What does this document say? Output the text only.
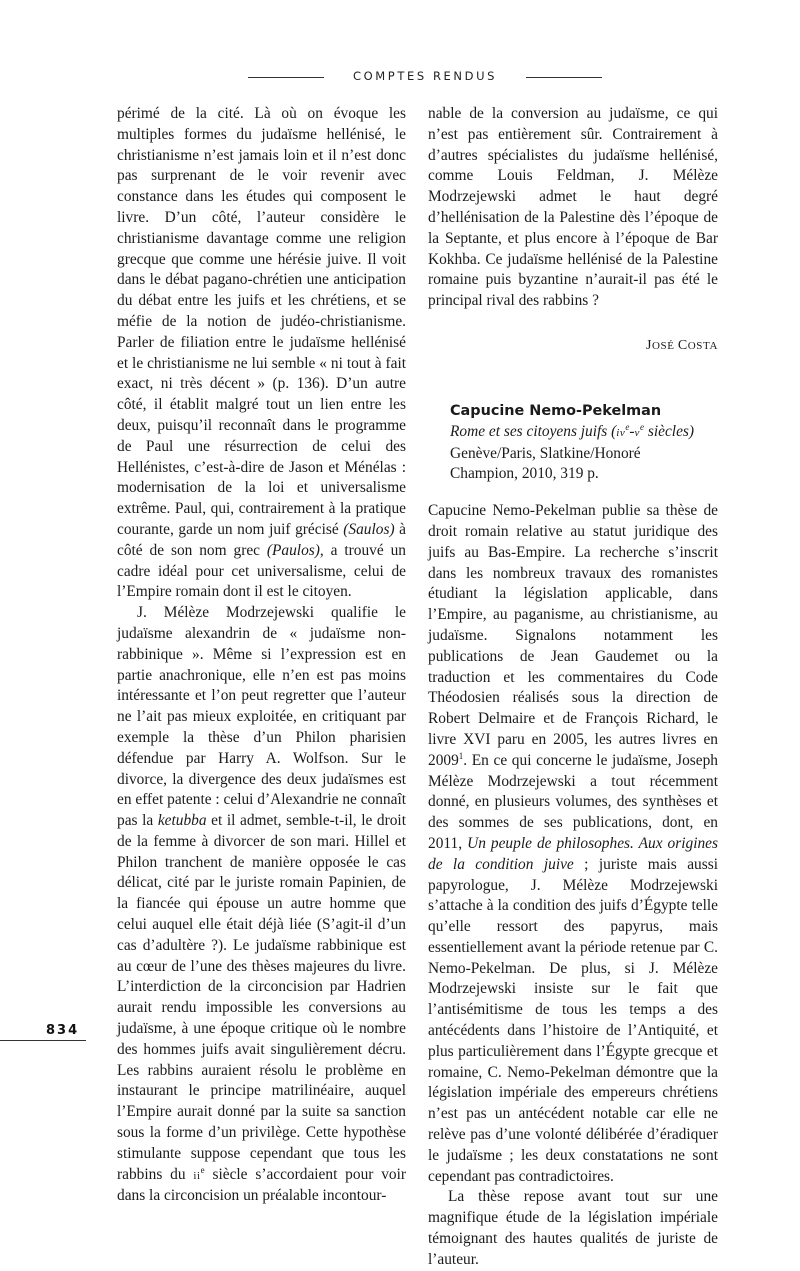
COMPTES RENDUS

périmé de la cité. Là où on évoque les multiples formes du judaïsme hellénisé, le christianisme n’est jamais loin et il n’est donc pas surprenant de le voir revenir avec constance dans les études qui composent le livre. D’un côté, l’auteur considère le christianisme davantage comme une religion grecque que comme une hérésie juive. Il voit dans le débat pagano-chrétien une anticipation du débat entre les juifs et les chrétiens, et se méfie de la notion de judéo-christianisme. Parler de filiation entre le judaïsme hellénisé et le christianisme ne lui semble « ni tout à fait exact, ni très décent » (p. 136). D’un autre côté, il établit malgré tout un lien entre les deux, puisqu’il reconnaît dans le programme de Paul une résurrection de celui des Hellénistes, c’est-à-dire de Jason et Ménélas : modernisation de la loi et universalisme extrême. Paul, qui, contrairement à la pratique courante, garde un nom juif grécisé (Saulos) à côté de son nom grec (Paulos), a trouvé un cadre idéal pour cet universalisme, celui de l’Empire romain dont il est le citoyen.

J. Mélèze Modrzejewski qualifie le judaïsme alexandrin de « judaïsme non-rabbinique ». Même si l’expression est en partie anachronique, elle n’en est pas moins intéressante et l’on peut regretter que l’auteur ne l’ait pas mieux exploitée, en critiquant par exemple la thèse d’un Philon pharisien défendue par Harry A. Wolfson. Sur le divorce, la divergence des deux judaïsmes est en effet patente : celui d’Alexandrie ne connaît pas la ketubba et il admet, semble-t-il, le droit de la femme à divorcer de son mari. Hillel et Philon tranchent de manière opposée le cas délicat, cité par le juriste romain Papinien, de la fiancée qui épouse un autre homme que celui auquel elle était déjà liée (S’agit-il d’un cas d’adultère ?). Le judaïsme rabbinique est au cœur de l’une des thèses majeures du livre. L’interdiction de la circoncision par Hadrien aurait rendu impossible les conversions au judaïsme, à une époque critique où le nombre des hommes juifs avait singulièrement décru. Les rabbins auraient résolu le problème en instaurant le principe matrilinéaire, auquel l’Empire aurait donné par la suite sa sanction sous la forme d’un privilège. Cette hypothèse stimulante suppose cependant que tous les rabbins du $ii^e$ siècle s’accordaient pour voir dans la circoncision un préalable incontour-

nable de la conversion au judaïsme, ce qui n’est pas entièrement sûr. Contrairement à d’autres spécialistes du judaïsme hellénisé, comme Louis Feldman, J. Mélèze Modrzejewski admet le haut degré d’hellénisation de la Palestine dès l’époque de la Septante, et plus encore à l’époque de Bar Kokhba. Ce judaïsme hellénisé de la Palestine romaine puis byzantine n’aurait-il pas été le principal rival des rabbins ?

JOSÉ COSTA

Capucine Nemo-Pekelman

Rome et ses citoyens juifs ($iv^e-v^e$ siècles)

Genève/Paris, Slatkine/Honoré

Champion, 2010, 319 p.

Capucine Nemo-Pekelman publie sa thèse de droit romain relative au statut juridique des juifs au Bas-Empire. La recherche s’inscrit dans les nombreux travaux des romanistes étudiant la législation applicable, dans l’Empire, au paganisme, au christianisme, au judaïsme. Signalons notamment les publications de Jean Gaudemet ou la traduction et les commentaires du Code Théodosien réalisés sous la direction de Robert Delmaire et de François Richard, le livre XVI paru en 2005, les autres livres en 2009$^1$. En ce qui concerne le judaïsme, Joseph Mélèze Modrzejewski a tout récemment donné, en plusieurs volumes, des synthèses et des sommes de ses publications, dont, en 2011, Un peuple de philosophes. Aux origines de la condition juive ; juriste mais aussi papyrologue, J. Mélèze Modrzejewski s’attache à la condition des juifs d’Égypte telle qu’elle ressort des papyrus, mais essentiellement avant la période retenue par C. Nemo-Pekelman. De plus, si J. Mélèze Modrzejewski insiste sur le fait que l’antisémitisme de tous les temps a des antécédents dans l’histoire de l’Antiquité, et plus particulièrement dans l’Égypte grecque et romaine, C. Nemo-Pekelman démontre que la législation impériale des empereurs chrétiens n’est pas un antécédent notable car elle ne relève pas d’une volonté délibérée d’éradiquer le judaïsme ; les deux constatations ne sont cependant pas contradictoires.

La thèse repose avant tout sur une magnifique étude de la législation impériale témoignant des hautes qualités de juriste de l’auteur.

834
